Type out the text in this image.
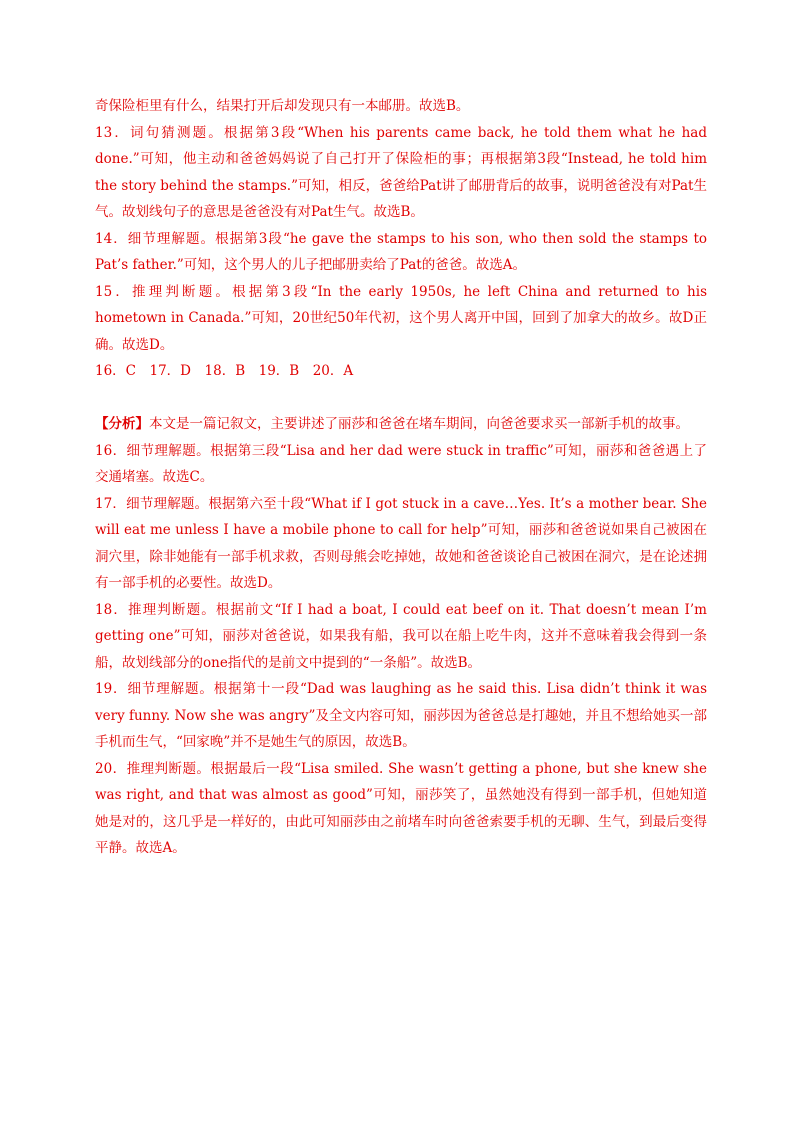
奇保险柜里有什么，结果打开后却发现只有一本邮册。故选B。

13．词句猜测题。根据第3段“When his parents came back, he told them what he had done.”可知，他主动和爸爸妈妈说了自己打开了保险柜的事；再根据第3段“Instead, he told him the story behind the stamps.”可知，相反，爸爸给Pat讲了邮册背后的故事，说明爸爸没有对Pat生气。故划线句子的意思是爸爸没有对Pat生气。故选B。

14．细节理解题。根据第3段“he gave the stamps to his son, who then sold the stamps to Pat’s father.”可知，这个男人的儿子把邮册卖给了Pat的爸爸。故选A。

15．推理判断题。根据第3段“In the early 1950s, he left China and returned to his hometown in Canada.”可知，20世纪50年代初，这个男人离开中国，回到了加拿大的故乡。故D正确。故选D。

16．C　17．D　18．B　19．B　20．A

【分析】本文是一篇记叙文，主要讲述了丽莎和爸爸在堵车期间，向爸爸要求买一部新手机的故事。

16．细节理解题。根据第三段“Lisa and her dad were stuck in traffic”可知，丽莎和爸爸遇上了交通堵塞。故选C。

17．细节理解题。根据第六至十段“What if I got stuck in a cave…Yes. It’s a mother bear. She will eat me unless I have a mobile phone to call for help”可知，丽莎和爸爸说如果自己被困在洞穴里，除非她能有一部手机求救，否则母熊会吃掉她，故她和爸爸谈论自己被困在洞穴，是在论述拥有一部手机的必要性。故选D。

18．推理判断题。根据前文“If I had a boat, I could eat beef on it. That doesn’t mean I’m getting one”可知，丽莎对爸爸说，如果我有船，我可以在船上吃牛肉，这并不意味着我会得到一条船，故划线部分的one指代的是前文中提到的“一条船”。故选B。

19．细节理解题。根据第十一段“Dad was laughing as he said this. Lisa didn’t think it was very funny. Now she was angry”及全文内容可知，丽莎因为爸爸总是打趣她，并且不想给她买一部手机而生气，“回家晚”并不是她生气的原因，故选B。

20．推理判断题。根据最后一段“Lisa smiled. She wasn’t getting a phone, but she knew she was right, and that was almost as good”可知，丽莎笑了，虽然她没有得到一部手机，但她知道她是对的，这几乎是一样好的，由此可知丽莎由之前堵车时向爸爸索要手机的无聊、生气，到最后变得平静。故选A。
